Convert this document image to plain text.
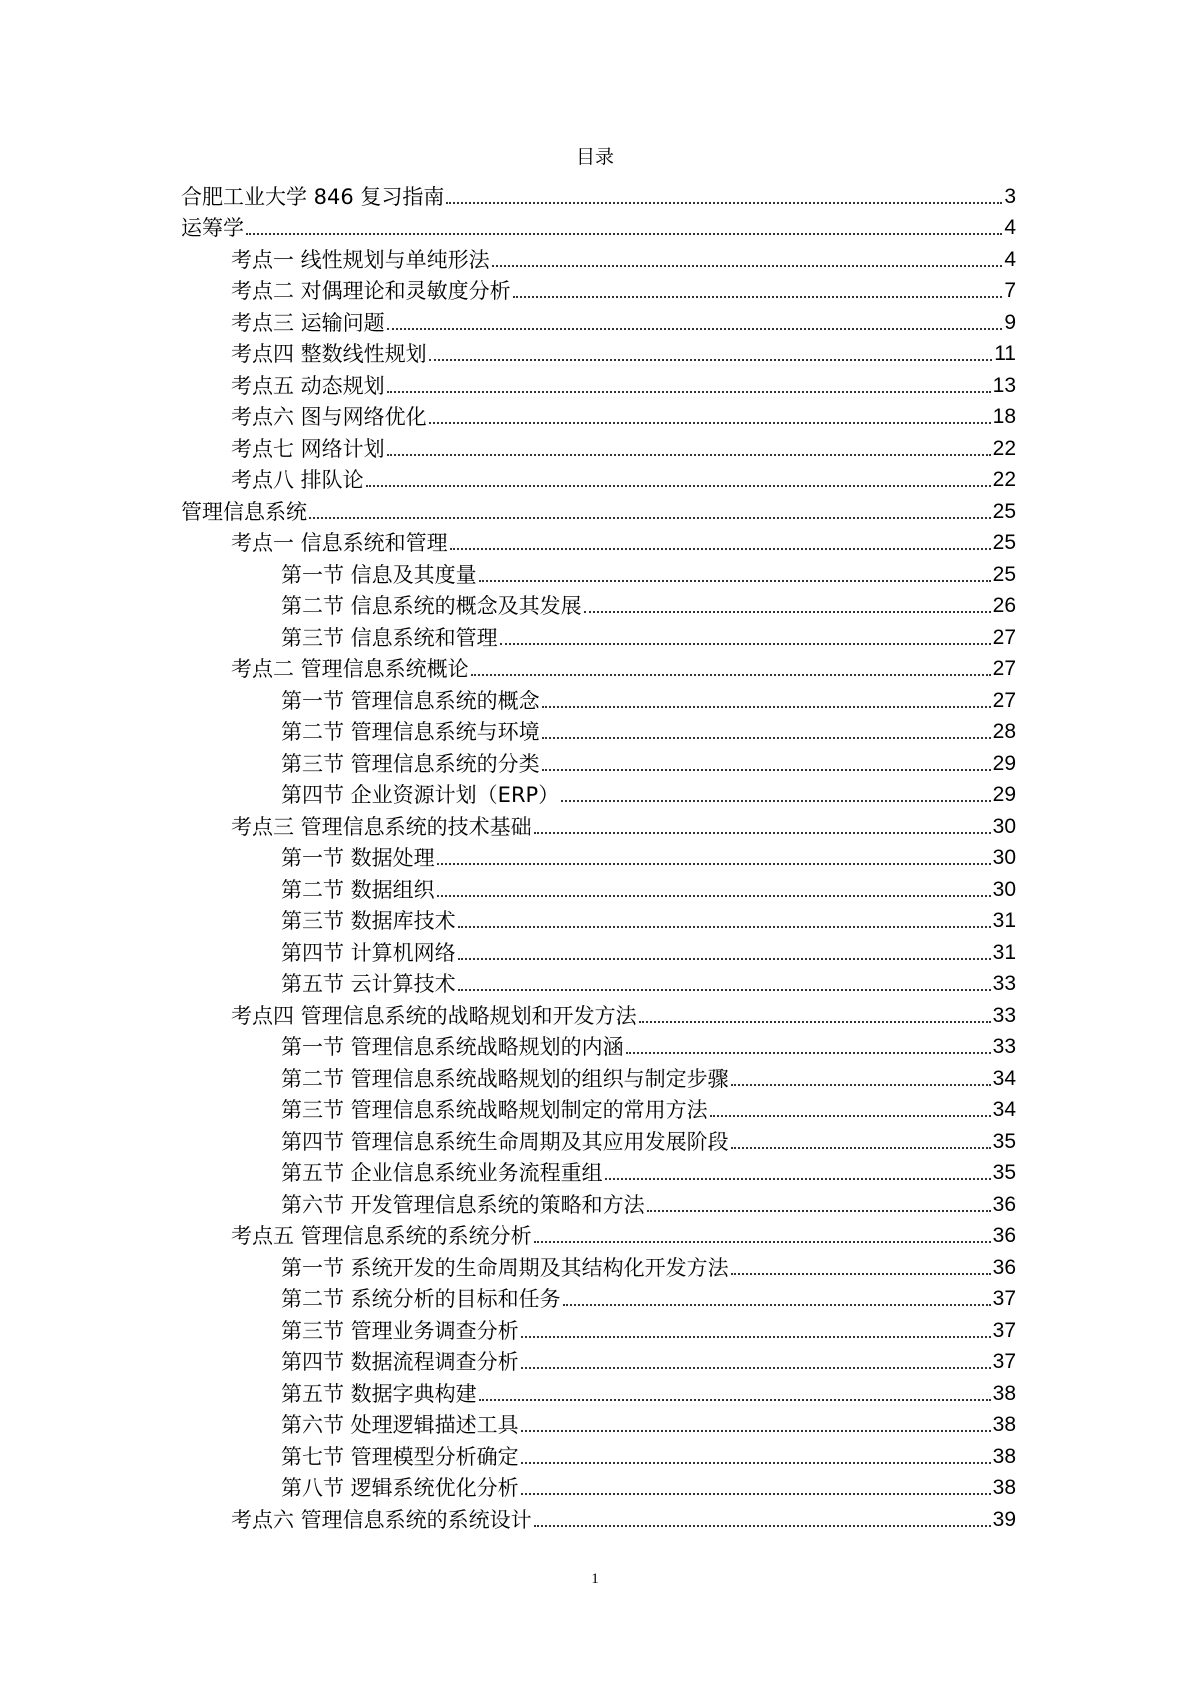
目录
合肥工业大学 846 复习指南	3
运筹学	4
考点一 线性规划与单纯形法	4
考点二 对偶理论和灵敏度分析	7
考点三 运输问题	9
考点四 整数线性规划	11
考点五 动态规划	13
考点六 图与网络优化	18
考点七 网络计划	22
考点八 排队论	22
管理信息系统	25
考点一 信息系统和管理	25
第一节 信息及其度量	25
第二节 信息系统的概念及其发展	26
第三节 信息系统和管理	27
考点二 管理信息系统概论	27
第一节 管理信息系统的概念	27
第二节 管理信息系统与环境	28
第三节 管理信息系统的分类	29
第四节 企业资源计划（ERP）	29
考点三 管理信息系统的技术基础	30
第一节 数据处理	30
第二节 数据组织	30
第三节 数据库技术	31
第四节 计算机网络	31
第五节 云计算技术	33
考点四 管理信息系统的战略规划和开发方法	33
第一节 管理信息系统战略规划的内涵	33
第二节 管理信息系统战略规划的组织与制定步骤	34
第三节 管理信息系统战略规划制定的常用方法	34
第四节 管理信息系统生命周期及其应用发展阶段	35
第五节 企业信息系统业务流程重组	35
第六节 开发管理信息系统的策略和方法	36
考点五 管理信息系统的系统分析	36
第一节 系统开发的生命周期及其结构化开发方法	36
第二节 系统分析的目标和任务	37
第三节 管理业务调查分析	37
第四节 数据流程调查分析	37
第五节 数据字典构建	38
第六节 处理逻辑描述工具	38
第七节 管理模型分析确定	38
第八节 逻辑系统优化分析	38
考点六 管理信息系统的系统设计	39
1
